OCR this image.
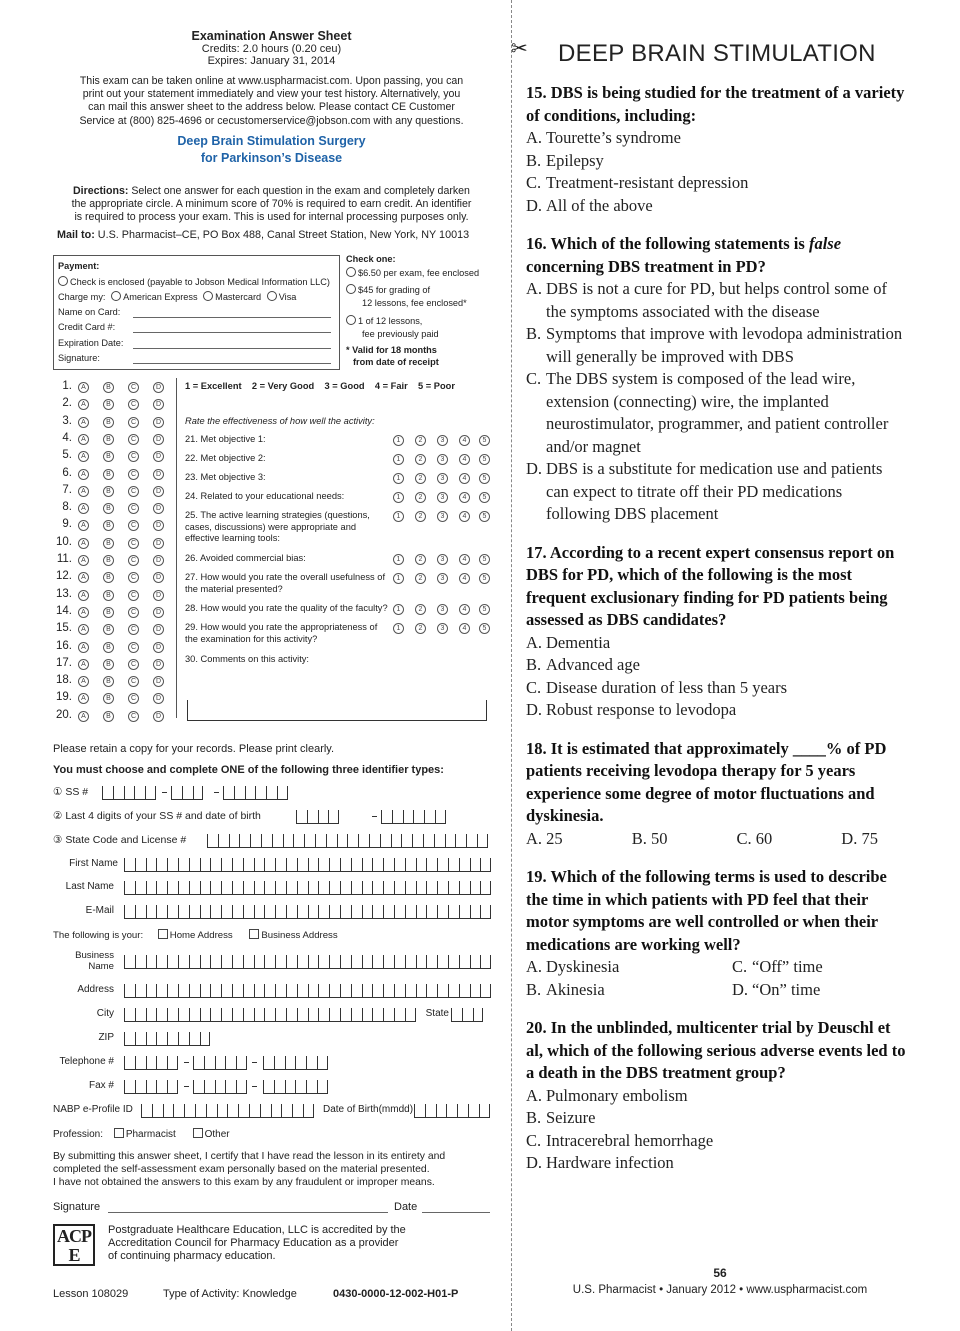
Examination Answer Sheet
Credits: 2.0 hours (0.20 ceu)
Expires: January 31, 2014
This exam can be taken online at www.uspharmacist.com. Upon passing, you can
print out your statement immediately and view your test history. Alternatively, you
can mail this answer sheet to the address below. Please contact CE Customer
Service at (800) 825-4696 or cecustomerservice@jobson.com with any questions.
Deep Brain Stimulation Surgery
for Parkinson’s Disease
Directions: Select one answer for each question in the exam and completely darken
the appropriate circle. A minimum score of 70% is required to earn credit. An identifier
is required to process your exam. This is used for internal processing purposes only.
Mail to: U.S. Pharmacist–CE, PO Box 488, Canal Street Station, New York, NY 10013
Payment:
Check is enclosed (payable to Jobson Medical Information LLC)
Charge my: American Express Mastercard Visa
Name on Card:
Credit Card #:
Expiration Date:
Signature:
Check one:
$6.50 per exam, fee enclosed
$45 for grading of
12 lessons, fee enclosed*
1 of 12 lessons,
fee previously paid
* Valid for 18 months
from date of receipt
1.	A	B	C	D
2.	A	B	C	D
3.	A	B	C	D
4.	A	B	C	D
5.	A	B	C	D
6.	A	B	C	D
7.	A	B	C	D
8.	A	B	C	D
9.	A	B	C	D
10.	A	B	C	D
11.	A	B	C	D
12.	A	B	C	D
13.	A	B	C	D
14.	A	B	C	D
15.	A	B	C	D
16.	A	B	C	D
17.	A	B	C	D
18.	A	B	C	D
19.	A	B	C	D
20.	A	B	C	D
1 = Excellent    2 = Very Good    3 = Good    4 = Fair    5 = Poor
Rate the effectiveness of how well the activity:
21. Met objective 1:	1	2	3	4	5
22. Met objective 2:	1	2	3	4	5
23. Met objective 3:	1	2	3	4	5
24. Related to your educational needs:	1	2	3	4	5
25. The active learning strategies (questions, cases, discussions) were appropriate and effective learning tools:
1	2	3	4	5
26. Avoided commercial bias:	1	2	3	4	5
27. How would you rate the overall usefulness of the material presented?
1	2	3	4	5
28. How would you rate the quality of the faculty?	1	2	3	4	5
29. How would you rate the appropriateness of the examination for this activity?
1	2	3	4	5
30. Comments on this activity:
Please retain a copy for your records. Please print clearly.
You must choose and complete ONE of the following three identifier types:
① SS #
② Last 4 digits of your SS # and date of birth
③ State Code and License #
First Name
Last Name
E-Mail
The following is your:	Home Address	Business Address
Business
Name
Address
City	State
ZIP
Telephone #
Fax #
NABP e-Profile ID	Date of Birth(mmdd)
Profession: Pharmacist	Other
By submitting this answer sheet, I certify that I have read the lesson in its entirety and
completed the self-assessment exam personally based on the material presented.
I have not obtained the answers to this exam by any fraudulent or improper means.
Signature	Date
ACPE
Postgraduate Healthcare Education, LLC is accredited by the
Accreditation Council for Pharmacy Education as a provider
of continuing pharmacy education.
Lesson 108029	Type of Activity: Knowledge	0430-0000-12-002-H01-P
✂ DEEP BRAIN STIMULATION
15. DBS is being studied for the treatment of a variety of conditions, including:
A. Tourette’s syndrome
B. Epilepsy
C. Treatment-resistant depression
D. All of the above
16. Which of the following statements is false concerning DBS treatment in PD?
A. DBS is not a cure for PD, but helps control some of the symptoms associated with the disease
B. Symptoms that improve with levodopa administration will generally be improved with DBS
C. The DBS system is composed of the lead wire, extension (connecting) wire, the implanted neurostimulator, programmer, and patient controller and/or magnet
D. DBS is a substitute for medication use and patients can expect to titrate off their PD medications following DBS placement
17. According to a recent expert consensus report on DBS for PD, which of the following is the most frequent exclusionary finding for PD patients being assessed as DBS candidates?
A. Dementia
B. Advanced age
C. Disease duration of less than 5 years
D. Robust response to levodopa
18. It is estimated that approximately ____% of PD patients receiving levodopa therapy for 5 years experience some degree of motor fluctuations and dyskinesia.
A. 25	B. 50	C. 60	D. 75
19. Which of the following terms is used to describe the time in which patients with PD feel that their motor symptoms are well controlled or when their medications are working well?
A. Dyskinesia	C. “Off” time
B. Akinesia	D. “On” time
20. In the unblinded, multicenter trial by Deuschl et al, which of the following serious adverse events led to a death in the DBS treatment group?
A. Pulmonary embolism
B. Seizure
C. Intracerebral hemorrhage
D. Hardware infection
56
U.S. Pharmacist • January 2012 • www.uspharmacist.com
